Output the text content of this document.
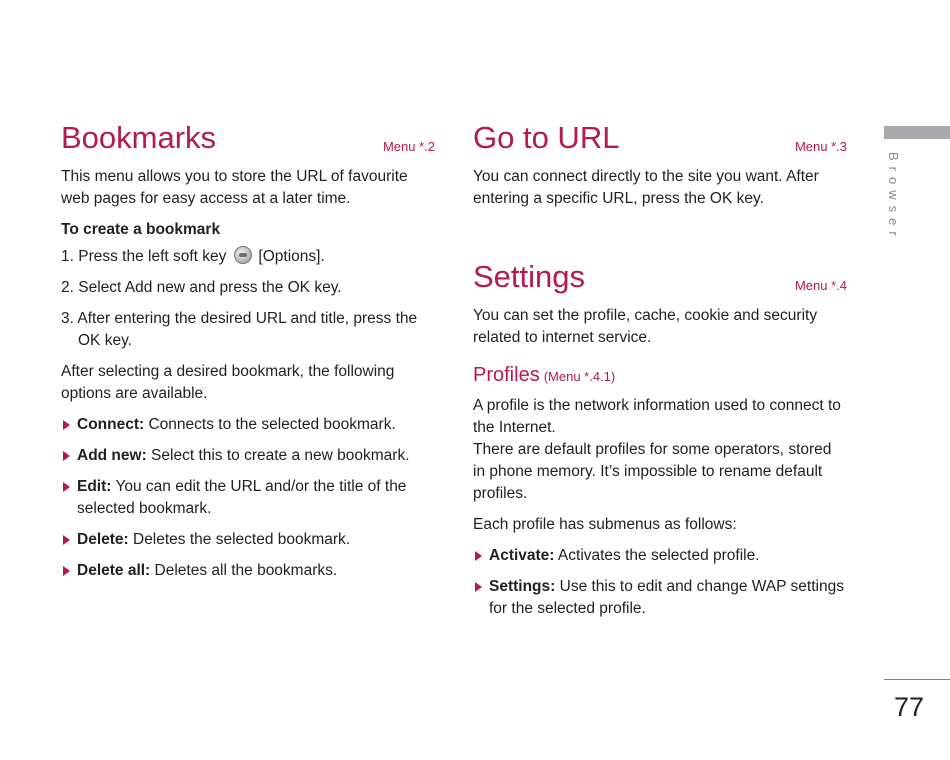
Bookmarks	Menu *.2

This menu allows you to store the URL of favourite web pages for easy access at a later time.

To create a bookmark

1. Press the left soft key [Options].
2. Select Add new and press the OK key.
3. After entering the desired URL and title, press the OK key.

After selecting a desired bookmark, the following options are available.

Connect: Connects to the selected bookmark.
Add new: Select this to create a new bookmark.
Edit: You can edit the URL and/or the title of the selected bookmark.
Delete: Deletes the selected bookmark.
Delete all: Deletes all the bookmarks.
Go to URL	Menu *.3

You can connect directly to the site you want. After entering a specific URL, press the OK key.

Settings	Menu *.4

You can set the profile, cache, cookie and security related to internet service.

Profiles (Menu *.4.1)

A profile is the network information used to connect to the Internet.

There are default profiles for some operators, stored in phone memory. It’s impossible to rename default profiles.

Each profile has submenus as follows:

Activate: Activates the selected profile.
Settings: Use this to edit and change WAP settings for the selected profile.
Browser
77
